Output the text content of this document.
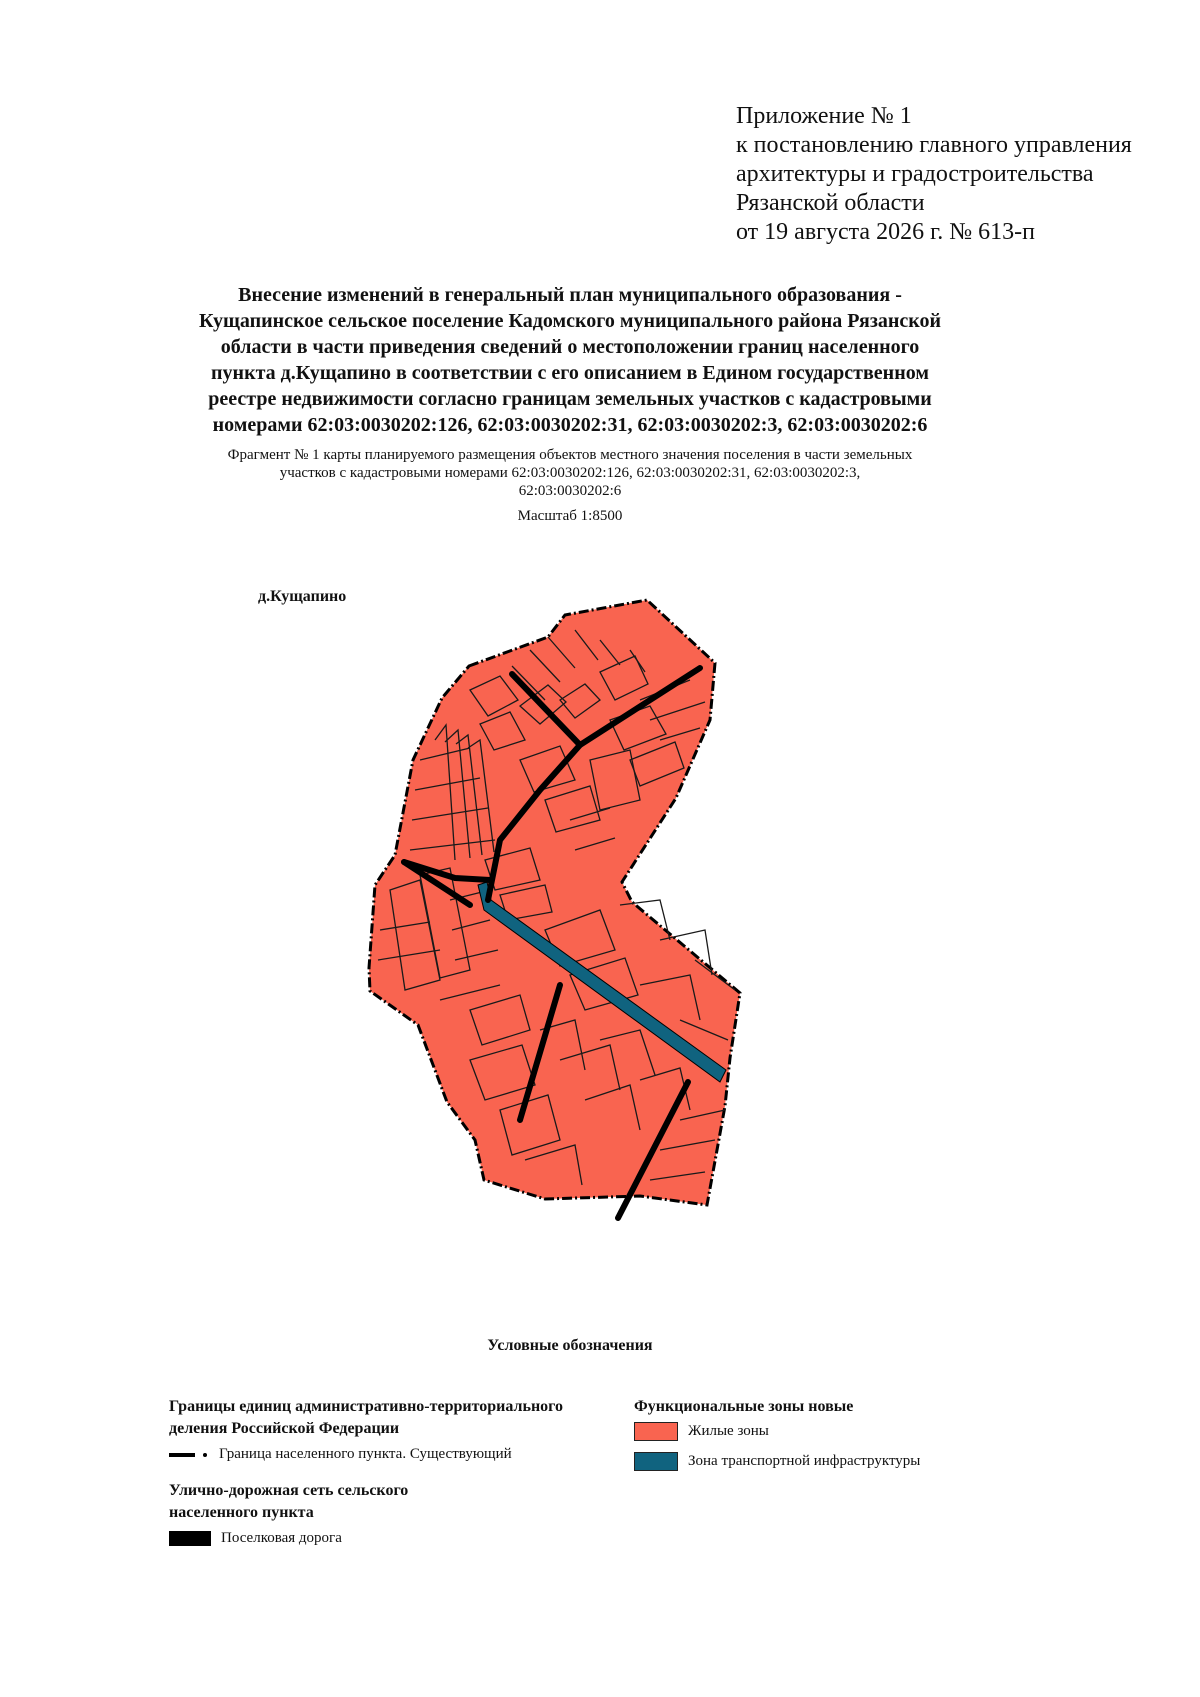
Приложение № 1
к постановлению главного управления
архитектуры и градостроительства
Рязанской области
от 19 августа 2026 г. № 613-п
Внесение изменений в генеральный план муниципального образования -
Кущапинское сельское поселение Кадомского муниципального района Рязанской
области в части приведения сведений о местоположении границ населенного
пункта д.Кущапино в соответствии с его описанием в Едином государственном
реестре недвижимости согласно границам земельных участков с кадастровыми
номерами 62:03:0030202:126, 62:03:0030202:31, 62:03:0030202:3, 62:03:0030202:6
Фрагмент № 1 карты планируемого размещения объектов местного значения поселения в части земельных
участков с кадастровыми номерами 62:03:0030202:126, 62:03:0030202:31, 62:03:0030202:3,
62:03:0030202:6
Масштаб 1:8500
д.Кущапино
Условные обозначения
Границы единиц административно-территориального
деления Российской Федерации
Граница населенного пункта. Существующий
Улично-дорожная сеть сельского
населенного пункта
Поселковая дорога
Функциональные зоны новые
Жилые зоны
Зона транспортной инфраструктуры
